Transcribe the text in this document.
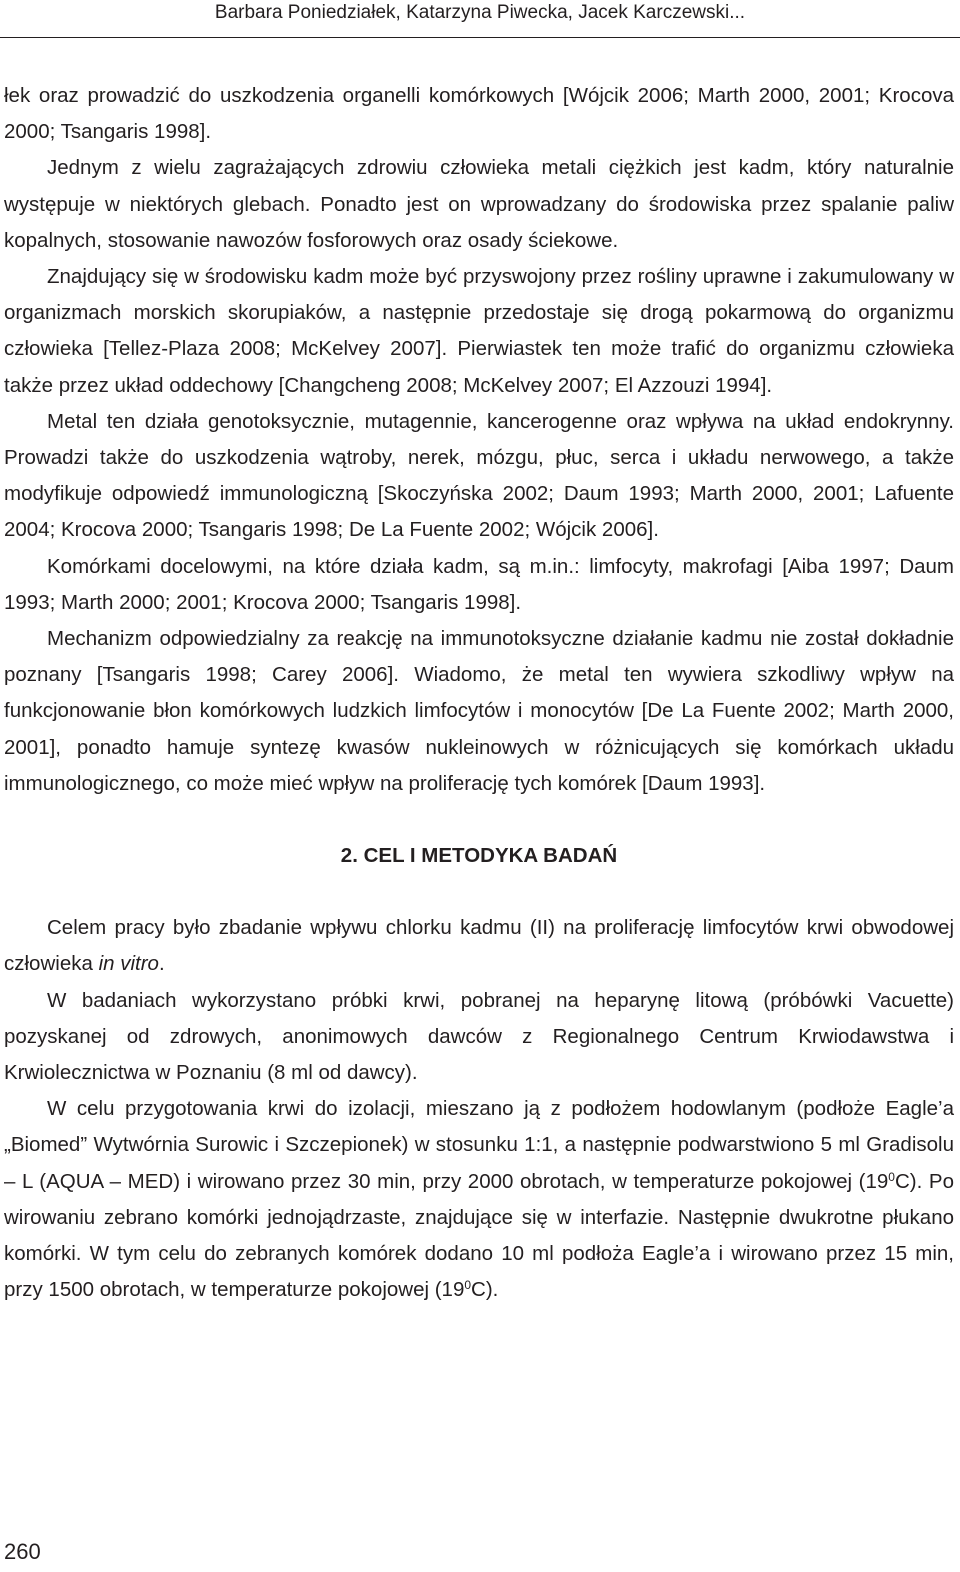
Barbara Poniedziałek, Katarzyna Piwecka, Jacek Karczewski...

łek oraz prowadzić do uszkodzenia organelli komórkowych [Wójcik 2006; Marth 2000, 2001; Krocova 2000; Tsangaris 1998].

Jednym z wielu zagrażających zdrowiu człowieka metali ciężkich jest kadm, który naturalnie występuje w niektórych glebach. Ponadto jest on wprowadzany do środowiska przez spalanie paliw kopalnych, stosowanie nawozów fosforowych oraz osady ściekowe.

Znajdujący się w środowisku kadm może być przyswojony przez rośliny uprawne i zakumulowany w organizmach morskich skorupiaków, a następnie przedostaje się drogą pokarmową do organizmu człowieka [Tellez-Plaza 2008; McKelvey 2007]. Pierwiastek ten może trafić do organizmu człowieka także przez układ oddechowy [Changcheng 2008; McKelvey 2007; El Azzouzi 1994].

Metal ten działa genotoksycznie, mutagennie, kancerogenne oraz wpływa na układ endokrynny. Prowadzi także do uszkodzenia wątroby, nerek, mózgu, płuc, serca i układu nerwowego, a także modyfikuje odpowiedź immunologiczną [Skoczyńska 2002; Daum 1993; Marth 2000, 2001; Lafuente 2004; Krocova 2000; Tsangaris 1998; De La Fuente 2002; Wójcik 2006].

Komórkami docelowymi, na które działa kadm, są m.in.: limfocyty, makrofagi [Aiba 1997; Daum 1993; Marth 2000; 2001; Krocova 2000; Tsangaris 1998].

Mechanizm odpowiedzialny za reakcję na immunotoksyczne działanie kadmu nie został dokładnie poznany [Tsangaris 1998; Carey 2006]. Wiadomo, że metal ten wywiera szkodliwy wpływ na funkcjonowanie błon komórkowych ludzkich limfocytów i monocytów [De La Fuente 2002; Marth 2000, 2001], ponadto hamuje syntezę kwasów nukleinowych w różnicujących się komórkach układu immunologicznego, co może mieć wpływ na proliferację tych komórek [Daum 1993].

2. CEL I METODYKA BADAŃ

Celem pracy było zbadanie wpływu chlorku kadmu (II) na proliferację limfocytów krwi obwodowej człowieka in vitro.

W badaniach wykorzystano próbki krwi, pobranej na heparynę litową (próbówki Vacuette) pozyskanej od zdrowych, anonimowych dawców z Regionalnego Centrum Krwiodawstwa i Krwiolecznictwa w Poznaniu (8 ml od dawcy).

W celu przygotowania krwi do izolacji, mieszano ją z podłożem hodowlanym (podłoże Eagle’a „Biomed” Wytwórnia Surowic i Szczepionek) w stosunku 1:1, a następnie podwarstwiono 5 ml Gradisolu – L (AQUA – MED) i wirowano przez 30 min, przy 2000 obrotach, w temperaturze pokojowej $(19^0C)$. Po wirowaniu zebrano komórki jednojądrzaste, znajdujące się w interfazie. Następnie dwukrotne płukano komórki. W tym celu do zebranych komórek dodano 10 ml podłoża Eagle’a i wirowano przez 15 min, przy 1500 obrotach, w temperaturze pokojowej $(19^0C)$.

260
